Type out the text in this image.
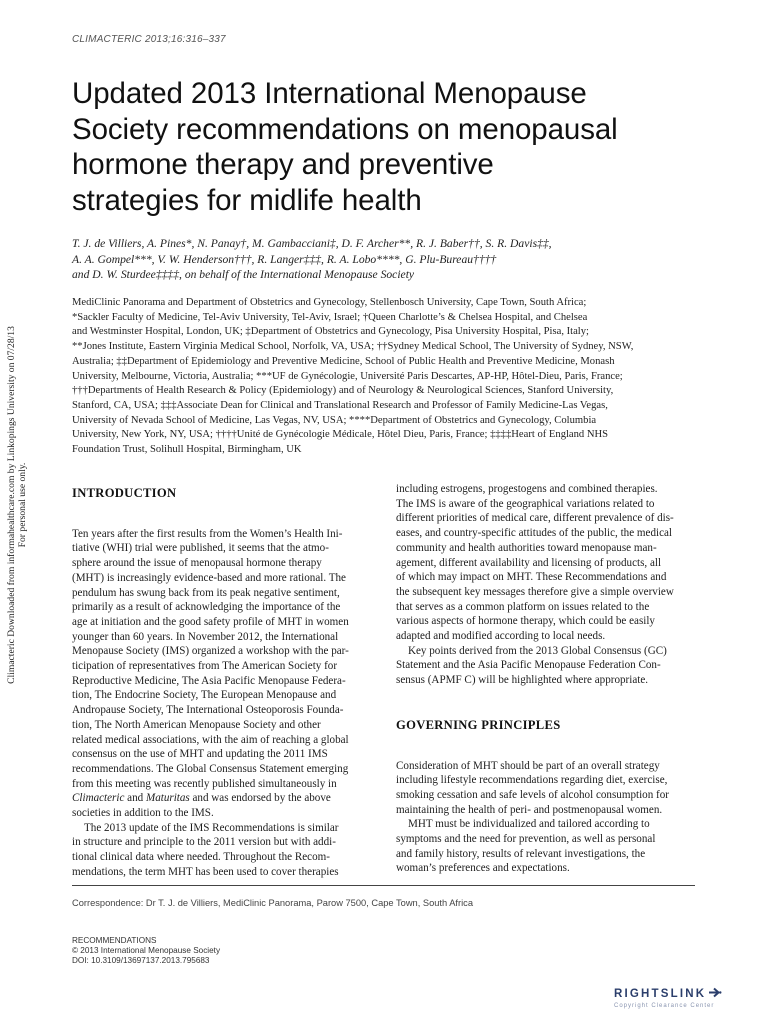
CLIMACTERIC 2013;16:316–337
Updated 2013 International Menopause
Society recommendations on menopausal
hormone therapy and preventive
strategies for midlife health
T. J. de Villiers, A. Pines*, N. Panay†, M. Gambacciani‡, D. F. Archer**, R. J. Baber††, S. R. Davis‡‡,
A. A. Gompel***, V. W. Henderson†††, R. Langer‡‡‡, R. A. Lobo****, G. Plu-Bureau††††
and D. W. Sturdee‡‡‡‡, on behalf of the International Menopause Society
MediClinic Panorama and Department of Obstetrics and Gynecology, Stellenbosch University, Cape Town, South Africa;
*Sackler Faculty of Medicine, Tel-Aviv University, Tel-Aviv, Israel; †Queen Charlotte’s & Chelsea Hospital, and Chelsea
and Westminster Hospital, London, UK; ‡Department of Obstetrics and Gynecology, Pisa University Hospital, Pisa, Italy;
**Jones Institute, Eastern Virginia Medical School, Norfolk, VA, USA; ††Sydney Medical School, The University of Sydney, NSW,
Australia; ‡‡Department of Epidemiology and Preventive Medicine, School of Public Health and Preventive Medicine, Monash
University, Melbourne, Victoria, Australia; ***UF de Gynécologie, Université Paris Descartes, AP-HP, Hôtel-Dieu, Paris, France;
†††Departments of Health Research & Policy (Epidemiology) and of Neurology & Neurological Sciences, Stanford University,
Stanford, CA, USA; ‡‡‡Associate Dean for Clinical and Translational Research and Professor of Family Medicine-Las Vegas,
University of Nevada School of Medicine, Las Vegas, NV, USA; ****Department of Obstetrics and Gynecology, Columbia
University, New York, NY, USA; ††††Unité de Gynécologie Médicale, Hôtel Dieu, Paris, France; ‡‡‡‡Heart of England NHS
Foundation Trust, Solihull Hospital, Birmingham, UK
INTRODUCTION
Ten years after the first results from the Women’s Health Ini-
tiative (WHI) trial were published, it seems that the atmo-
sphere around the issue of menopausal hormone therapy
(MHT) is increasingly evidence-based and more rational. The
pendulum has swung back from its peak negative sentiment,
primarily as a result of acknowledging the importance of the
age at initiation and the good safety profile of MHT in women
younger than 60 years. In November 2012, the International
Menopause Society (IMS) organized a workshop with the par-
ticipation of representatives from The American Society for
Reproductive Medicine, The Asia Pacific Menopause Federa-
tion, The Endocrine Society, The European Menopause and
Andropause Society, The International Osteoporosis Founda-
tion, The North American Menopause Society and other
related medical associations, with the aim of reaching a global
consensus on the use of MHT and updating the 2011 IMS
recommendations. The Global Consensus Statement emerging
from this meeting was recently published simultaneously in
Climacteric and Maturitas and was endorsed by the above
societies in addition to the IMS.
The 2013 update of the IMS Recommendations is similar
in structure and principle to the 2011 version but with addi-
tional clinical data where needed. Throughout the Recom-
mendations, the term MHT has been used to cover therapies
including estrogens, progestogens and combined therapies.
The IMS is aware of the geographical variations related to
different priorities of medical care, different prevalence of dis-
eases, and country-specific attitudes of the public, the medical
community and health authorities toward menopause man-
agement, different availability and licensing of products, all
of which may impact on MHT. These Recommendations and
the subsequent key messages therefore give a simple overview
that serves as a common platform on issues related to the
various aspects of hormone therapy, which could be easily
adapted and modified according to local needs.
Key points derived from the 2013 Global Consensus (GC)
Statement and the Asia Pacific Menopause Federation Con-
sensus (APMF C) will be highlighted where appropriate.
GOVERNING PRINCIPLES
Consideration of MHT should be part of an overall strategy
including lifestyle recommendations regarding diet, exercise,
smoking cessation and safe levels of alcohol consumption for
maintaining the health of peri- and postmenopausal women.
MHT must be individualized and tailored according to
symptoms and the need for prevention, as well as personal
and family history, results of relevant investigations, the
woman’s preferences and expectations.
Correspondence: Dr T. J. de Villiers, MediClinic Panorama, Parow 7500, Cape Town, South Africa
RECOMMENDATIONS
© 2013 International Menopause Society
DOI: 10.3109/13697137.2013.795683
Climacteric Downloaded from informahealthcare.com by Linkopings University on 07/28/13 For personal use only.
RIGHTSLINK
Copyright Clearance Center
